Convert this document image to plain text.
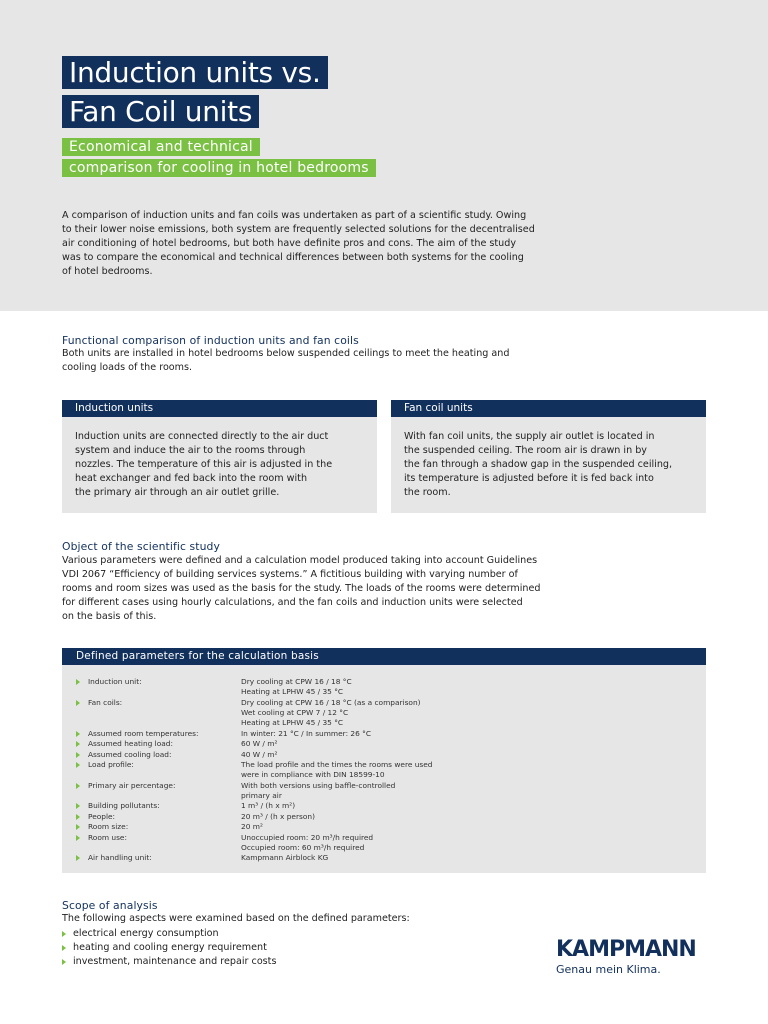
Induction units vs.
Fan Coil units
Economical and technical
comparison for cooling in hotel bedrooms
A comparison of induction units and fan coils was undertaken as part of a scientific study. Owing
to their lower noise emissions, both system are frequently selected solutions for the decentralised
air conditioning of hotel bedrooms, but both have definite pros and cons. The aim of the study
was to compare the economical and technical differences between both systems for the cooling
of hotel bedrooms.
Functional comparison of induction units and fan coils
Both units are installed in hotel bedrooms below suspended ceilings to meet the heating and
cooling loads of the rooms.
Induction units
Induction units are connected directly to the air duct
system and induce the air to the rooms through
nozzles. The temperature of this air is adjusted in the
heat exchanger and fed back into the room with
the primary air through an air outlet grille.
Fan coil units
With fan coil units, the supply air outlet is located in
the suspended ceiling. The room air is drawn in by
the fan through a shadow gap in the suspended ceiling,
its temperature is adjusted before it is fed back into
the room.
Object of the scientific study
Various parameters were defined and a calculation model produced taking into account Guidelines
VDI 2067 “Efficiency of building services systems.” A fictitious building with varying number of
rooms and room sizes was used as the basis for the study. The loads of the rooms were determined
for different cases using hourly calculations, and the fan coils and induction units were selected
on the basis of this.
Defined parameters for the calculation basis
Induction unit:	Dry cooling at CPW 16 / 18 °C
Heating at LPHW 45 / 35 °C
Fan coils:	Dry cooling at CPW 16 / 18 °C (as a comparison)
Wet cooling at CPW 7 / 12 °C
Heating at LPHW 45 / 35 °C
Assumed room temperatures:	In winter: 21 °C / In summer: 26 °C
Assumed heating load:	60 W / m²
Assumed cooling load:	40 W / m²
Load profile:	The load profile and the times the rooms were used
were in compliance with DIN 18599-10
Primary air percentage:	With both versions using baffle-controlled
primary air
Building pollutants:	1 m³ / (h x m²)
People:	20 m³ / (h x person)
Room size:	20 m²
Room use:	Unoccupied room: 20 m³/h required
Occupied room: 60 m³/h required
Air handling unit:	Kampmann Airblock KG
Scope of analysis
The following aspects were examined based on the defined parameters:
electrical energy consumption
heating and cooling energy requirement
investment, maintenance and repair costs	KAMPMANN
Genau mein Klima.
